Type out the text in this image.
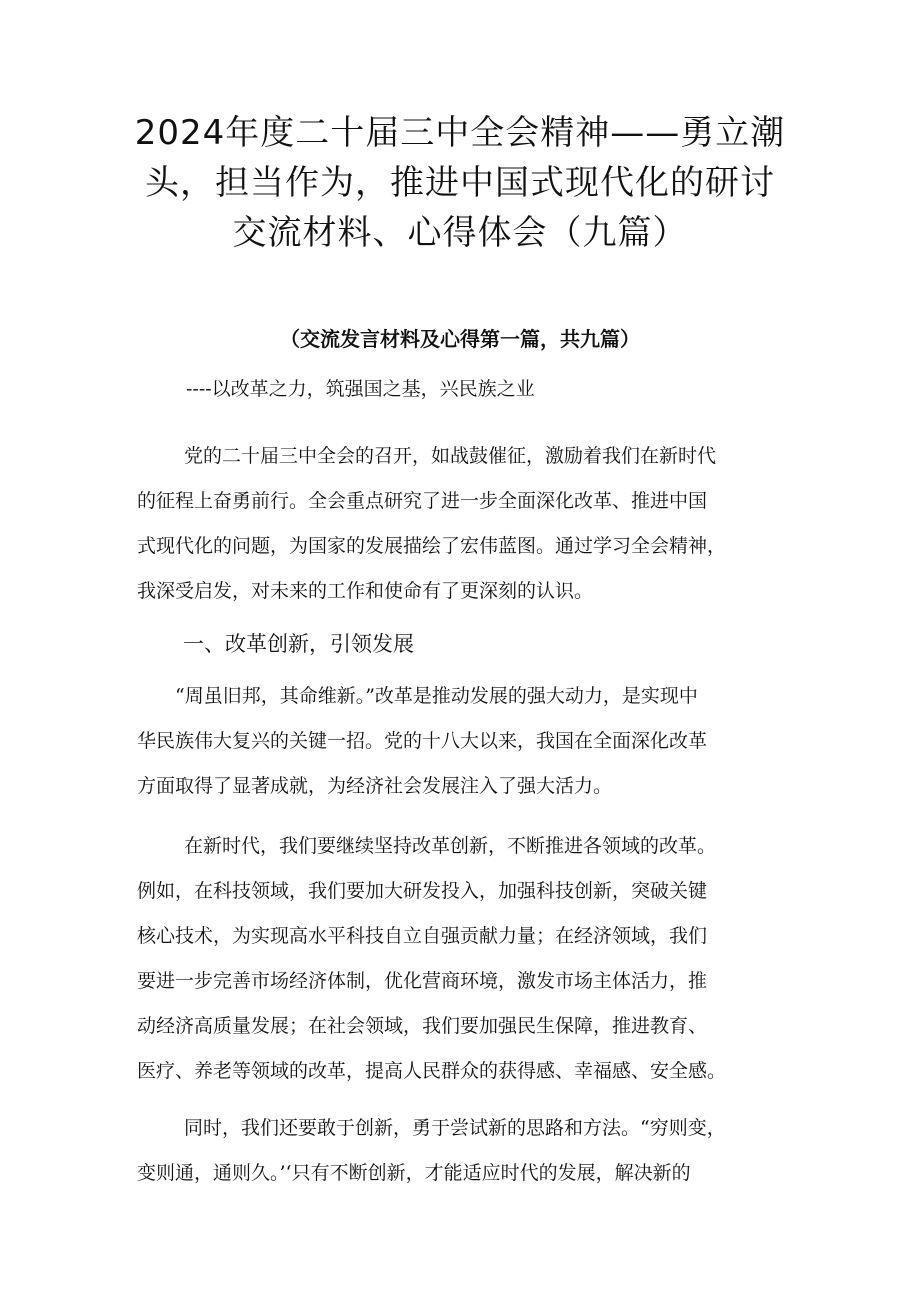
2024年度二十届三中全会精神——勇立潮
头，担当作为，推进中国式现代化的研讨
交流材料、心得体会（九篇）
（交流发言材料及心得第一篇，共九篇）
----以改革之力，筑强国之基，兴民族之业

党的二十届三中全会的召开，如战鼓催征，激励着我们在新时代
的征程上奋勇前行。全会重点研究了进一步全面深化改革、推进中国
式现代化的问题，为国家的发展描绘了宏伟蓝图。通过学习全会精神，
我深受启发，对未来的工作和使命有了更深刻的认识。

一、改革创新，引领发展

“周虽旧邦，其命维新。”改革是推动发展的强大动力，是实现中
华民族伟大复兴的关键一招。党的十八大以来，我国在全面深化改革
方面取得了显著成就，为经济社会发展注入了强大活力。

在新时代，我们要继续坚持改革创新，不断推进各领域的改革。
例如，在科技领域，我们要加大研发投入，加强科技创新，突破关键
核心技术，为实现高水平科技自立自强贡献力量；在经济领域，我们
要进一步完善市场经济体制，优化营商环境，激发市场主体活力，推
动经济高质量发展；在社会领域，我们要加强民生保障，推进教育、
医疗、养老等领域的改革，提高人民群众的获得感、幸福感、安全感。

同时，我们还要敢于创新，勇于尝试新的思路和方法。“穷则变，
变则通，通则久。’‘只有不断创新，才能适应时代的发展，解决新的
